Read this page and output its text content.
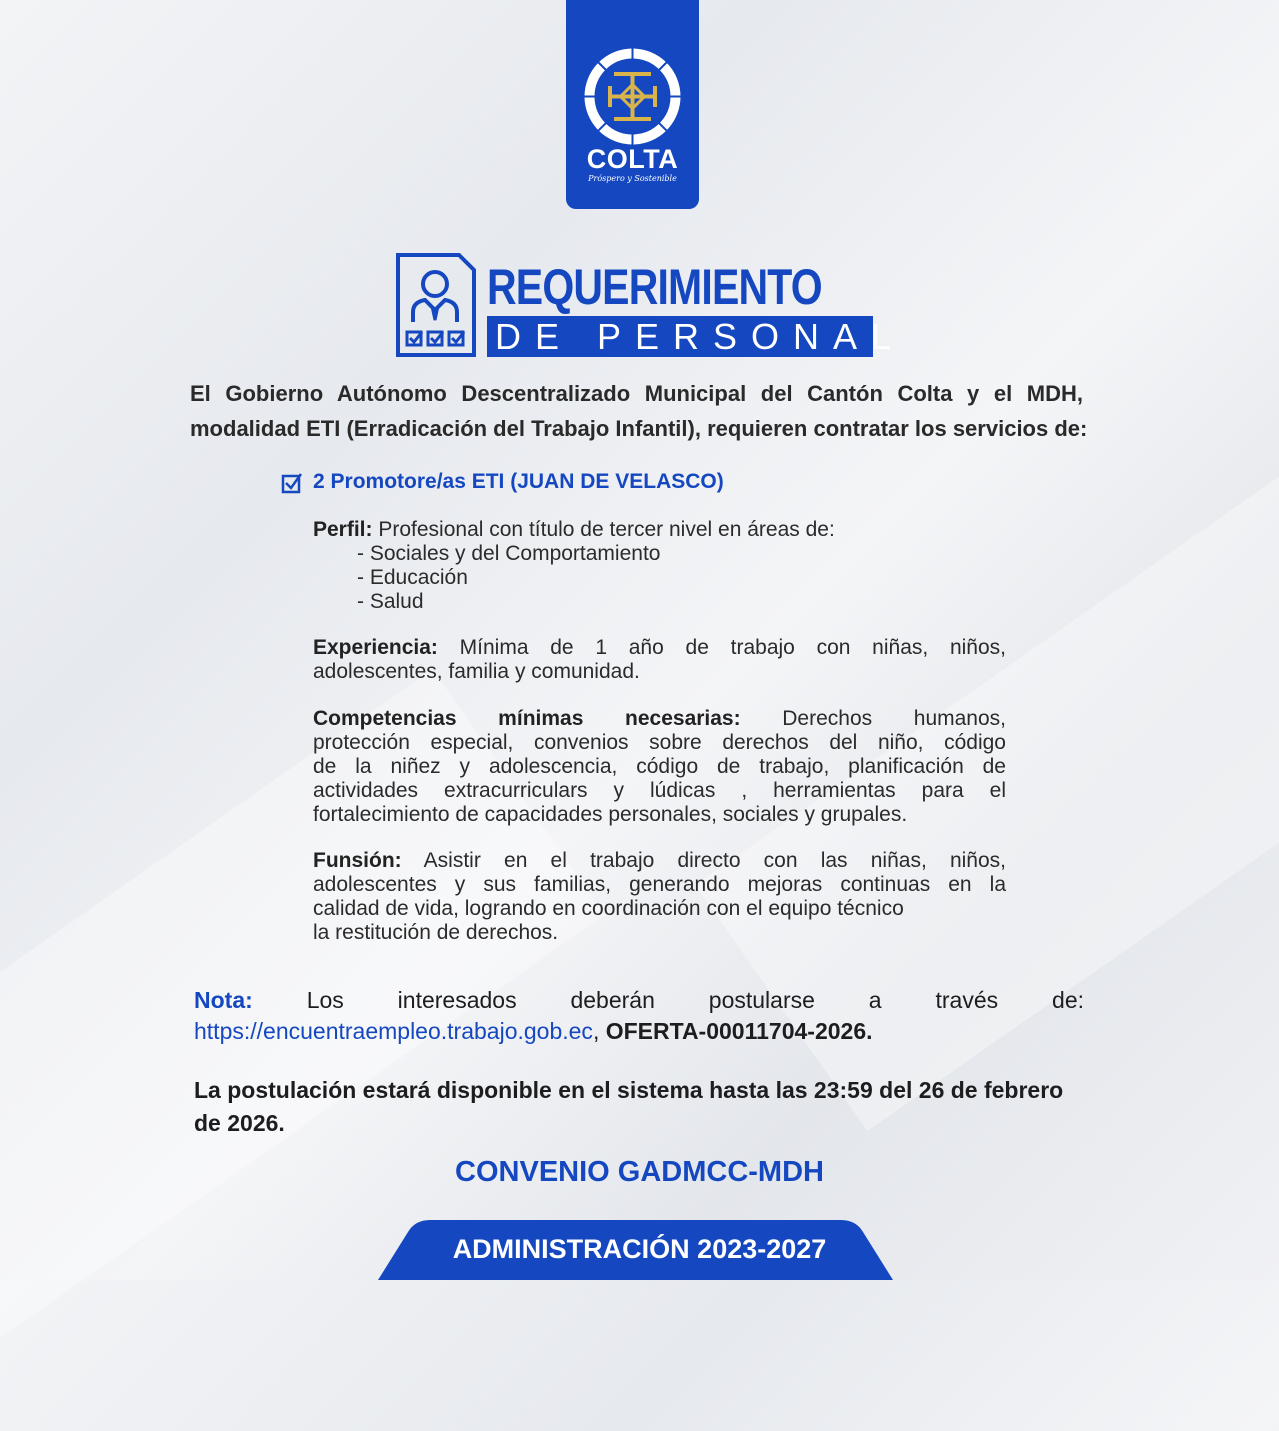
COLTA
Próspero y Sostenible
REQUERIMIENTO
DE PERSONAL
El Gobierno Autónomo Descentralizado Municipal del Cantón Colta y el MDH,
modalidad ETI (Erradicación del Trabajo Infantil), requieren contratar los servicios de:
2 Promotore/as ETI (JUAN DE VELASCO)
Perfil: Profesional con título de tercer nivel en áreas de:
- Sociales y del Comportamiento
- Educación
- Salud
Experiencia: Mínima de 1 año de trabajo con niñas, niños,
adolescentes, familia y comunidad.
Competencias mínimas necesarias: Derechos humanos,
protección especial, convenios sobre derechos del niño, código
de la niñez y adolescencia, código de trabajo, planificación de
actividades extracurriculars y lúdicas , herramientas para el
fortalecimiento de capacidades personales, sociales y grupales.
Funsión: Asistir en el trabajo directo con las niñas, niños,
adolescentes y sus familias, generando mejoras continuas en la
calidad de vida, logrando en coordinación con el equipo técnico
la restitución de derechos.
Nota: Los interesados deberán postularse a través de:
https://encuentraempleo.trabajo.gob.ec, OFERTA-00011704-2026.
La postulación estará disponible en el sistema hasta las 23:59 del 26 de febrero
de 2026.
CONVENIO GADMCC-MDH
ADMINISTRACIÓN 2023-2027
